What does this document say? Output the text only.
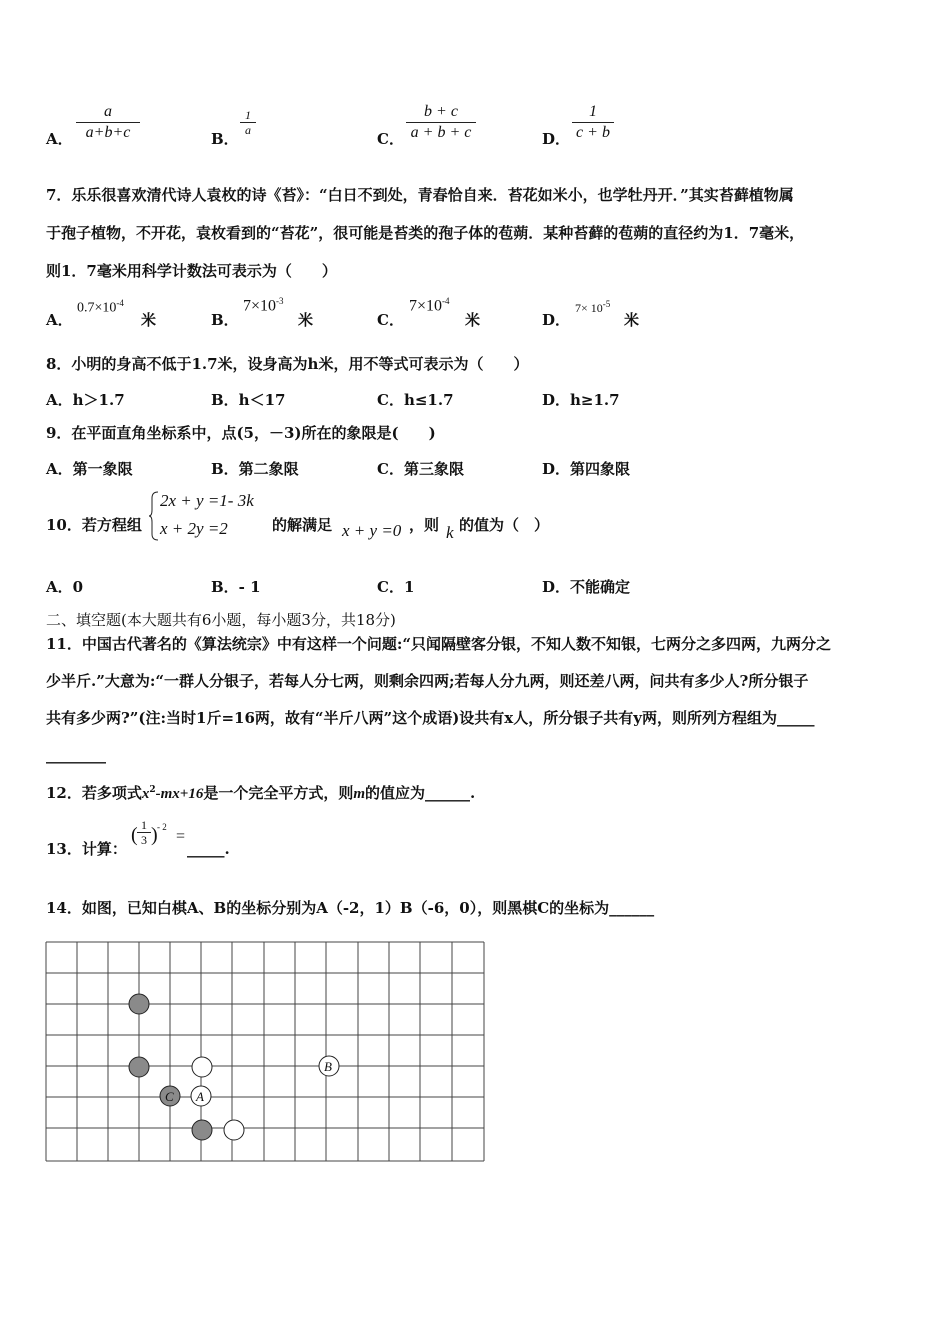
A．
a
a+b+c	B．
1
a	C．
b + c
a + b + c	D．
1
c + b
7．乐乐很喜欢清代诗人袁枚的诗《苔》：“白日不到处，青春恰自来．苔花如米小，也学牡丹开．”其实苔藓植物属
于孢子植物，不开花，袁枚看到的“苔花”，很可能是苔类的孢子体的苞蒴．某种苔藓的苞蒴的直径约为1．7毫米，
则1．7毫米用科学计数法可表示为（　　）
A．
$0.7\times 10^{-4}$
米	B．
$7\times 10^{-3}$
米	C．
$7\times 10^{-4}$
米	D．
$7\times 10^{-5}$
米
8．小明的身高不低于1.7米，设身高为h米，用不等式可表示为（　　）
A．h＞1.7	B．h＜17	C．h≤1.7	D．h≥1.7
9．在平面直角坐标系中，点(5，－3)所在的象限是(　　)
A．第一象限	B．第二象限	C．第三象限	D．第四象限
10．若方程组
2x + y =1- 3k
x + 2y =2	的解满足 x + y =0 ，则 k 的值为（　）
A．0	B．- 1	C．1	D．不能确定
二、填空题(本大题共有6小题，每小题3分，共18分)
11．中国古代著名的《算法统宗》中有这样一个问题:“只闻隔壁客分银，不知人数不知银，七两分之多四两，九两分之
少半斤.”大意为:“一群人分银子，若每人分七两，则剩余四两;若每人分九两，则还差八两，问共有多少人?所分银子
共有多少两?”(注:当时1斤=16两，故有“半斤八两”这个成语)设共有x人，所分银子共有y两，则所列方程组为_____
________
12．若多项式$x^2-mx+16$是一个完全平方式，则m的值应为______.
13．计算：
( 1
3 ) - 2
=
_____.
14．如图，已知白棋A、B的坐标分别为A（-2，1）B（-6，0），则黑棋C的坐标为______
C A
B
